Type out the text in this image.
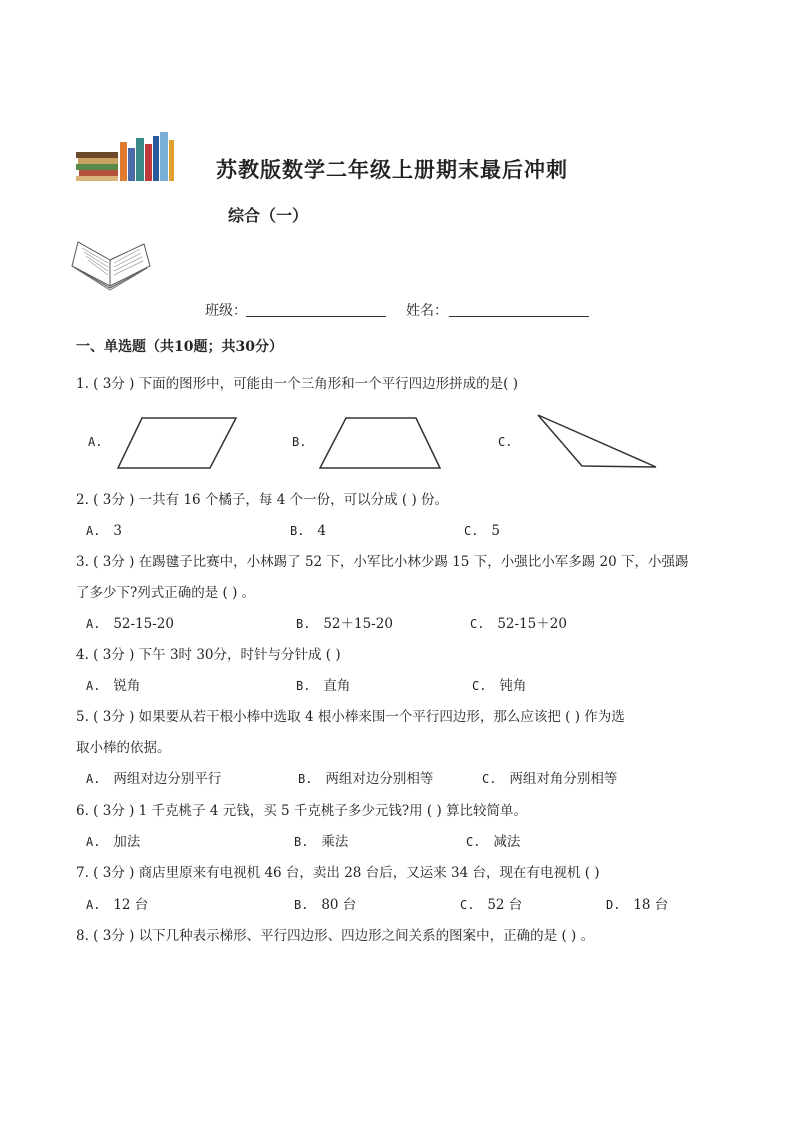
苏教版数学二年级上册期末最后冲刺
综合（一）
班级：	姓名：
一、单选题（共10题；共30分）
1. ( 3分 ) 下面的图形中，可能由一个三角形和一个平行四边形拼成的是( )
A.	B.	C.
2. ( 3分 ) 一共有 16 个橘子，每 4 个一份，可以分成 ( ) 份。
A. 3	B. 4	C. 5
3. ( 3分 ) 在踢毽子比赛中，小林踢了 52 下，小军比小林少踢 15 下，小强比小军多踢 20 下，小强踢
了多少下?列式正确的是 ( ) 。
A. 52-15-20	B. 52＋15-20	C. 52-15＋20
4. ( 3分 ) 下午 3时 30分，时针与分针成 ( )
A. 锐角	B. 直角	C. 钝角
5. ( 3分 ) 如果要从若干根小棒中选取 4 根小棒来围一个平行四边形，那么应该把 ( ) 作为选
取小棒的依据。
A. 两组对边分别平行	B. 两组对边分别相等	C. 两组对角分别相等
6. ( 3分 ) 1 千克桃子 4 元钱，买 5 千克桃子多少元钱?用 ( ) 算比较简单。
A. 加法	B. 乘法	C. 减法
7. ( 3分 ) 商店里原来有电视机 46 台，卖出 28 台后，又运来 34 台，现在有电视机 ( )
A. 12 台	B. 80 台	C. 52 台	D. 18 台
8. ( 3分 ) 以下几种表示梯形、平行四边形、四边形之间关系的图案中，正确的是 ( ) 。
